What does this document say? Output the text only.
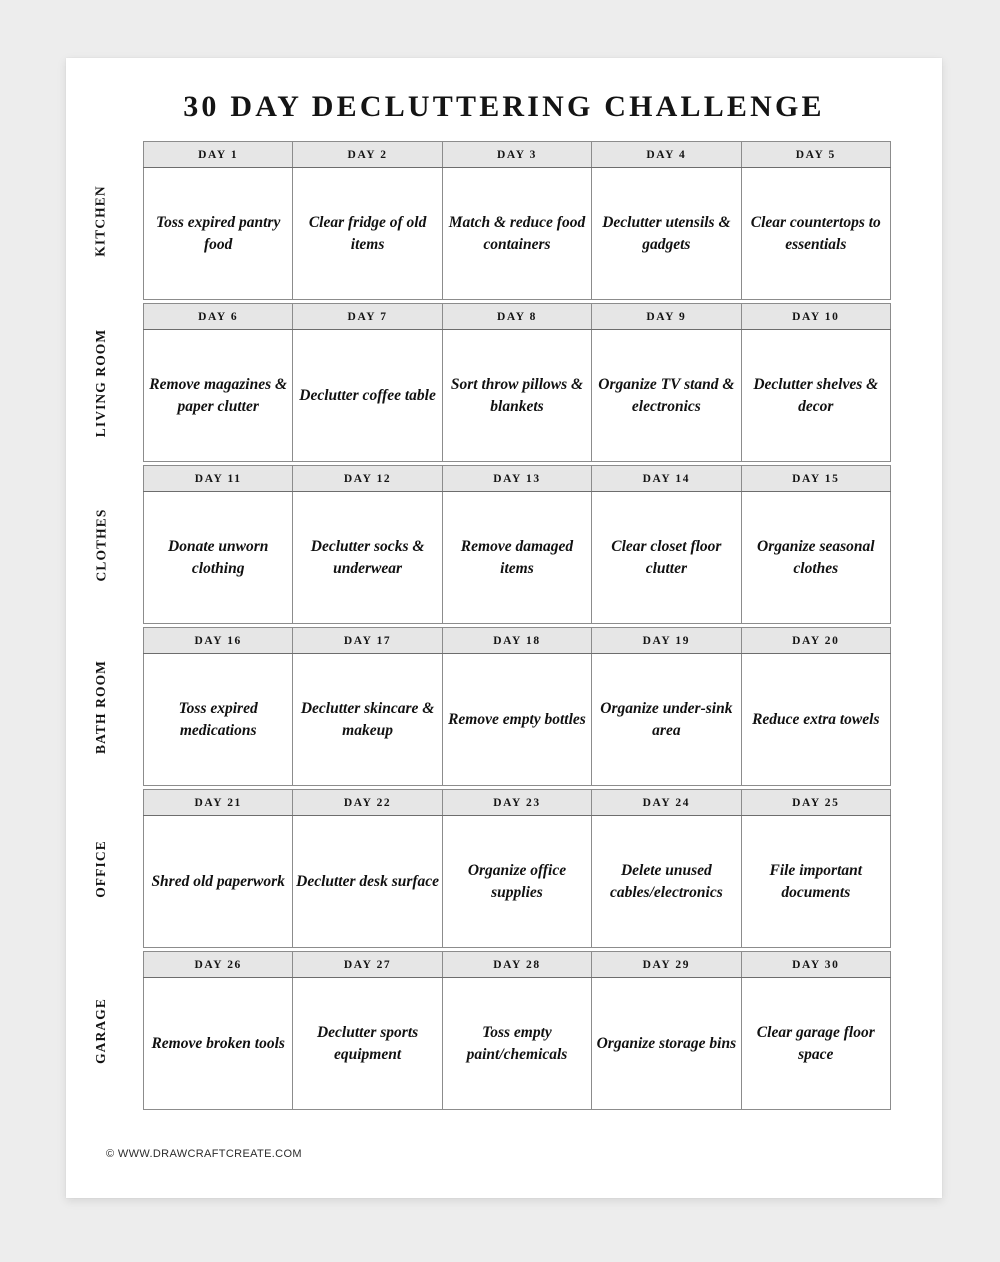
30 DAY DECLUTTERING CHALLENGE
KITCHEN
DAY 1	DAY 2	DAY 3	DAY 4	DAY 5
Toss expired pantry food	Clear fridge of old items	Match & reduce food containers	Declutter utensils & gadgets	Clear countertops to essentials
LIVING ROOM
DAY 6	DAY 7	DAY 8	DAY 9	DAY 10
Remove magazines & paper clutter	Declutter coffee table	Sort throw pillows & blankets	Organize TV stand & electronics	Declutter shelves & decor
CLOTHES
DAY 11	DAY 12	DAY 13	DAY 14	DAY 15
Donate unworn clothing	Declutter socks & underwear	Remove damaged items	Clear closet floor clutter	Organize seasonal clothes
BATH ROOM
DAY 16	DAY 17	DAY 18	DAY 19	DAY 20
Toss expired medications	Declutter skincare & makeup	Remove empty bottles	Organize under-sink area	Reduce extra towels
OFFICE
DAY 21	DAY 22	DAY 23	DAY 24	DAY 25
Shred old paperwork	Declutter desk surface	Organize office supplies	Delete unused cables/electronics	File important documents
GARAGE
DAY 26	DAY 27	DAY 28	DAY 29	DAY 30
Remove broken tools	Declutter sports equipment	Toss empty paint/chemicals	Organize storage bins	Clear garage floor space
© WWW.DRAWCRAFTCREATE.COM
